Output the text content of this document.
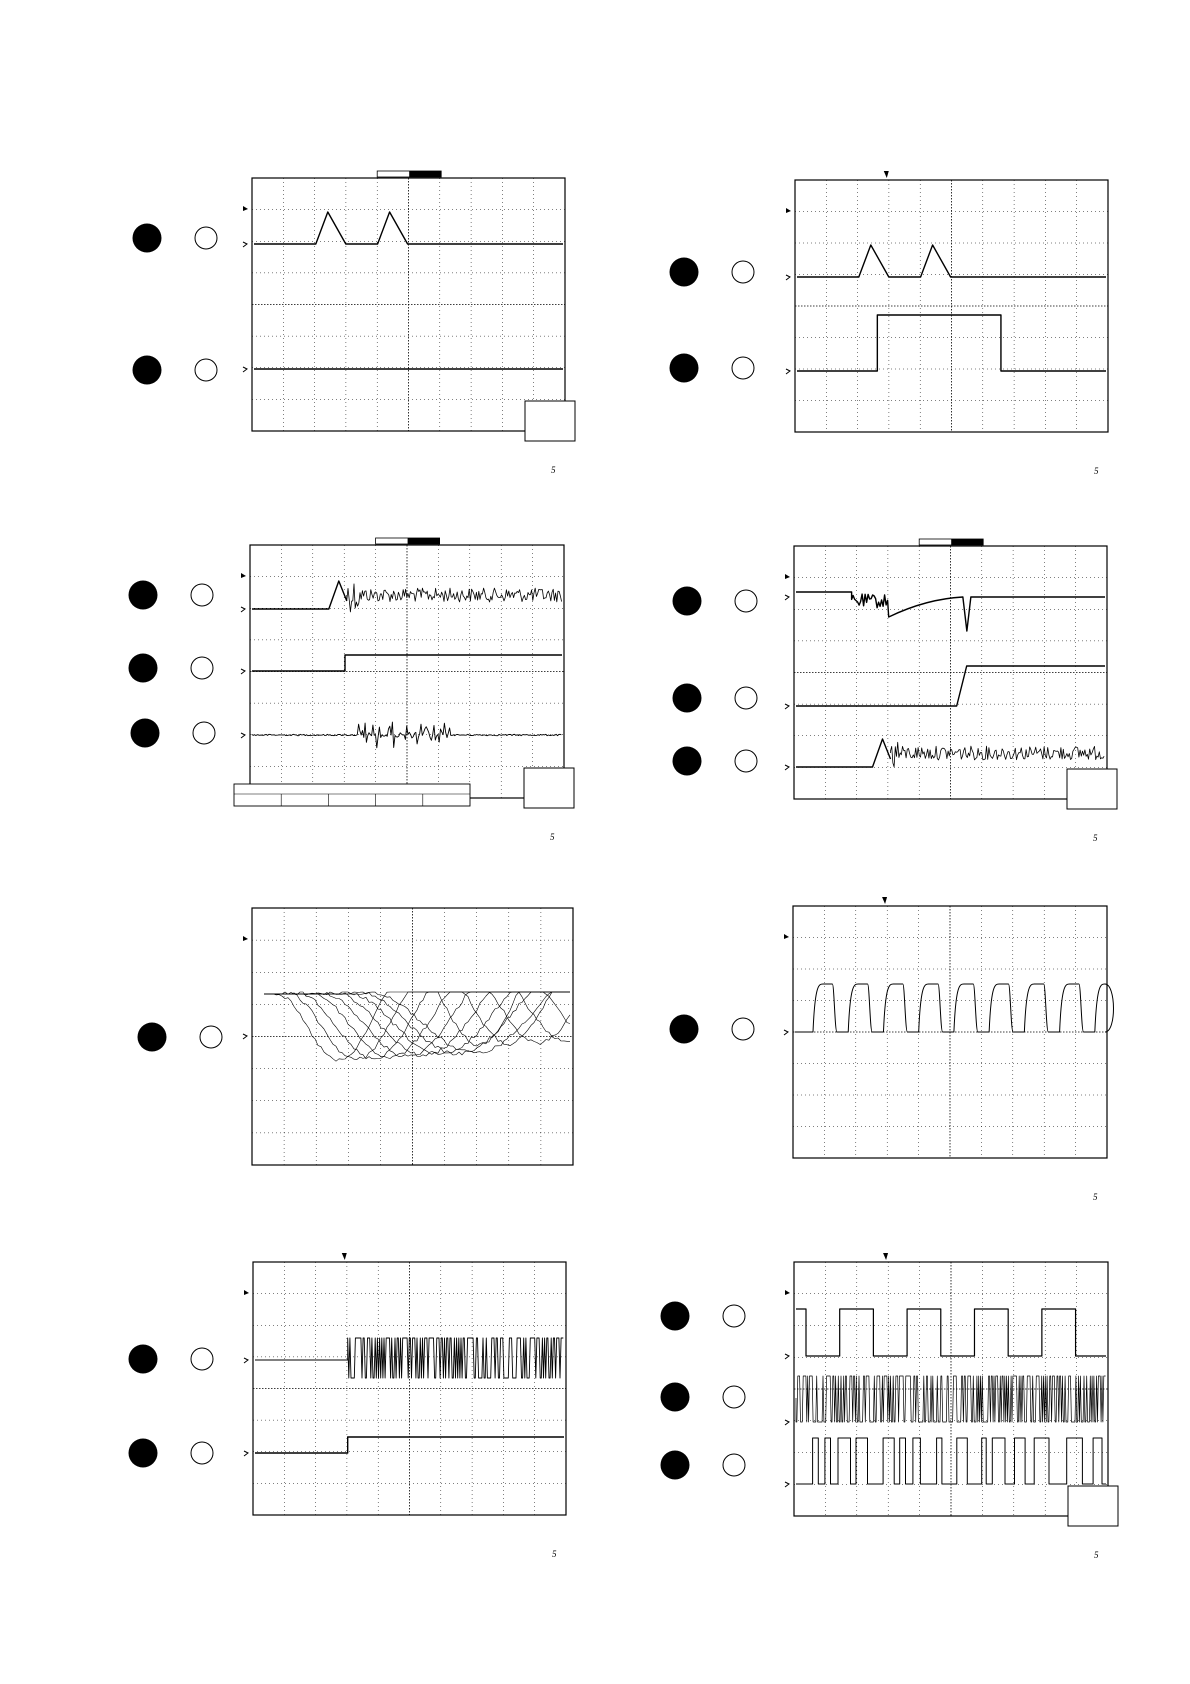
5	5
5	5
5
5	5
